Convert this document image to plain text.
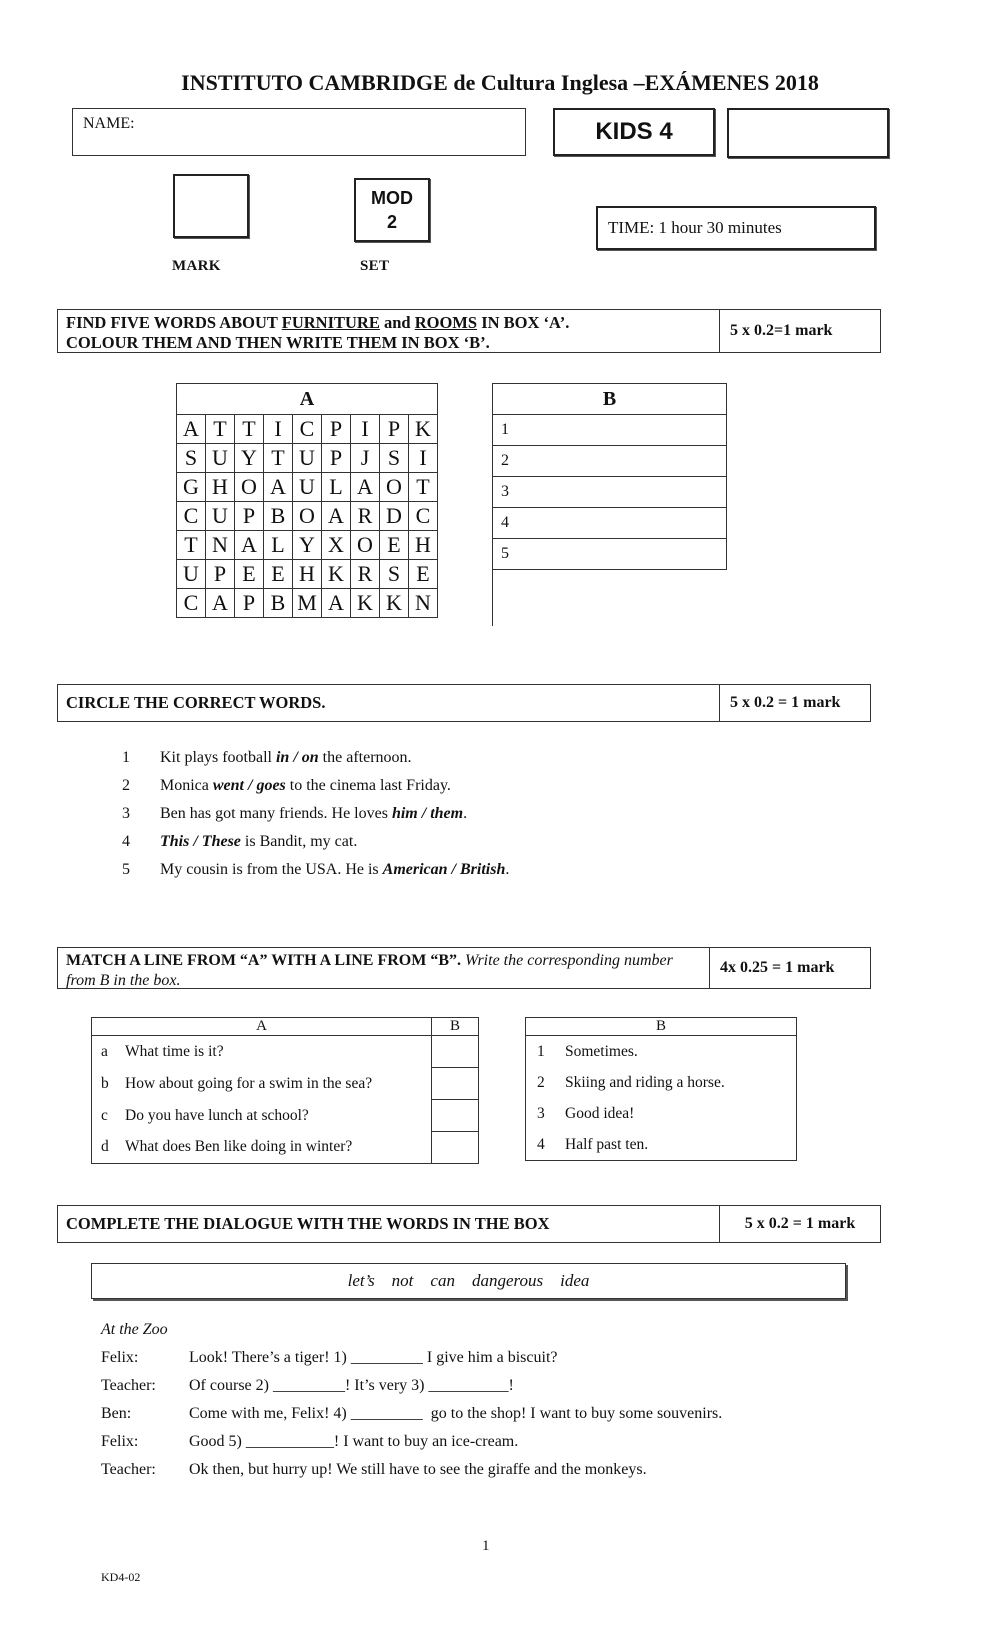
INSTITUTO CAMBRIDGE de Cultura Inglesa –EXÁMENES 2018
NAME:	KIDS 4
MOD
2	TIME: 1 hour 30 minutes
MARK	SET
FIND FIVE WORDS ABOUT FURNITURE and ROOMS IN BOX ‘A’.
COLOUR THEM AND THEN WRITE THEM IN BOX ‘B’.
5 x 0.2=1 mark
A								
A	T	T	I	C	P	I	P	K
S	U	Y	T	U	P	J	S	I
G	H	O	A	U	L	A	O	T
C	U	P	B	O	A	R	D	C
T	N	A	L	Y	X	O	E	H
U	P	E	E	H	K	R	S	E
C	A	P	B	M	A	K	K	N
B
1
2
3
4
5
CIRCLE THE CORRECT WORDS.	5 x 0.2 = 1 mark
1	Kit plays football in / on the afternoon.
2	Monica went / goes to the cinema last Friday.
3	Ben has got many friends. He loves him / them.
4	This / These is Bandit, my cat.
5	My cousin is from the USA. He is American / British.
MATCH A LINE FROM “A” WITH A LINE FROM “B”. Write the corresponding number from B in the box.
4x 0.25 = 1 mark
A	B
a What time is it?	
b How about going for a swim in the sea?	
c Do you have lunch at school?	
d What does Ben like doing in winter?	
B
1 Sometimes.
2 Skiing and riding a horse.
3 Good idea!
4 Half past ten.
COMPLETE THE DIALOGUE WITH THE WORDS IN THE BOX	5 x 0.2 = 1 mark
let’s    not    can    dangerous    idea
At the Zoo
Felix:	Look! There’s a tiger! 1) _________ I give him a biscuit?
Teacher:	Of course 2) _________! It’s very 3) __________!
Ben:	Come with me, Felix! 4) _________  go to the shop! I want to buy some souvenirs.
Felix:	Good 5) ___________! I want to buy an ice-cream.
Teacher:	Ok then, but hurry up! We still have to see the giraffe and the monkeys.
1
KD4-02
